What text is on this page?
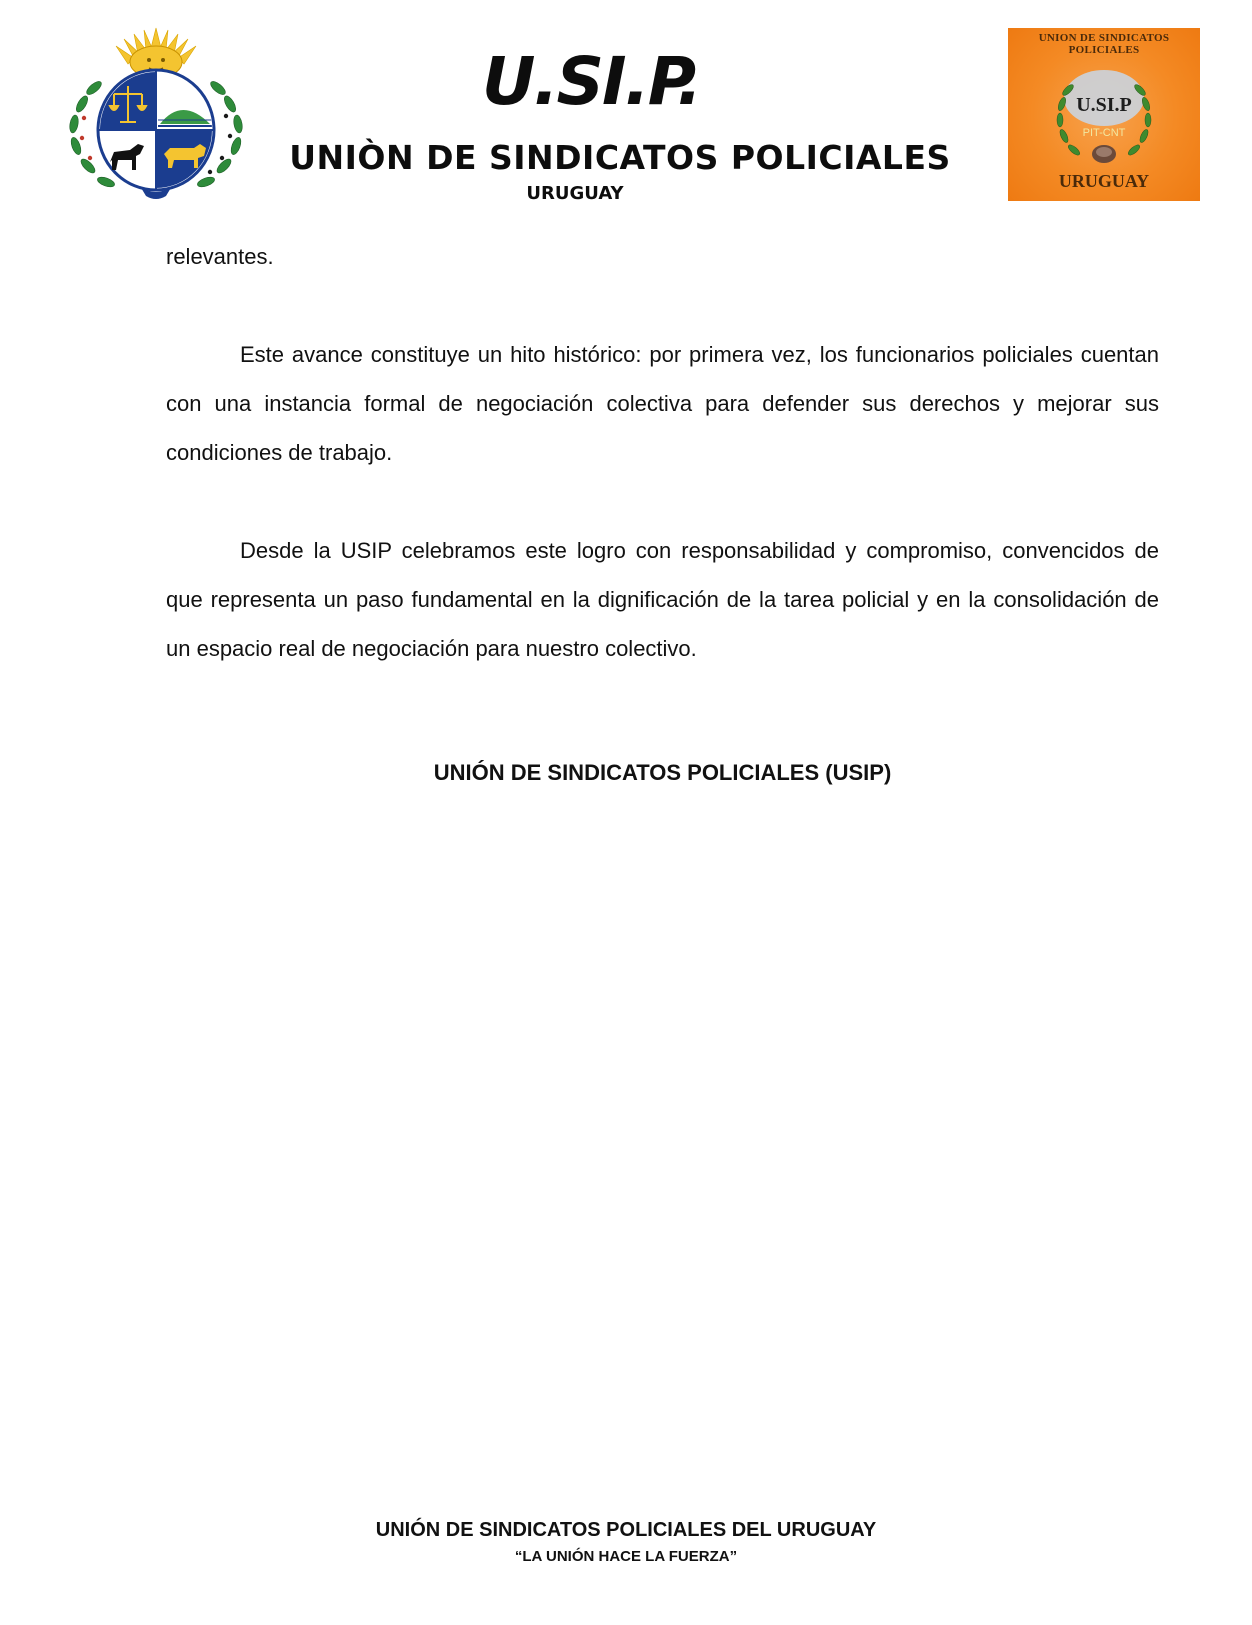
U.SI.P.
UNIÒN DE SINDICATOS POLICIALES
URUGUAY
UNION DE SINDICATOS POLICIALES
U.SI.P
PIT-CNT
URUGUAY

relevantes.

Este avance constituye un hito histórico: por primera vez, los funcionarios policiales cuentan con una instancia formal de negociación colectiva para defender sus derechos y mejorar sus condiciones de trabajo.

Desde la USIP celebramos este logro con responsabilidad y compromiso, convencidos de que representa un paso fundamental en la dignificación de la tarea policial y en la consolidación de un espacio real de negociación para nuestro colectivo.

UNIÓN DE SINDICATOS POLICIALES (USIP)
UNIÓN DE SINDICATOS POLICIALES DEL URUGUAY
“LA UNIÓN HACE LA FUERZA”
